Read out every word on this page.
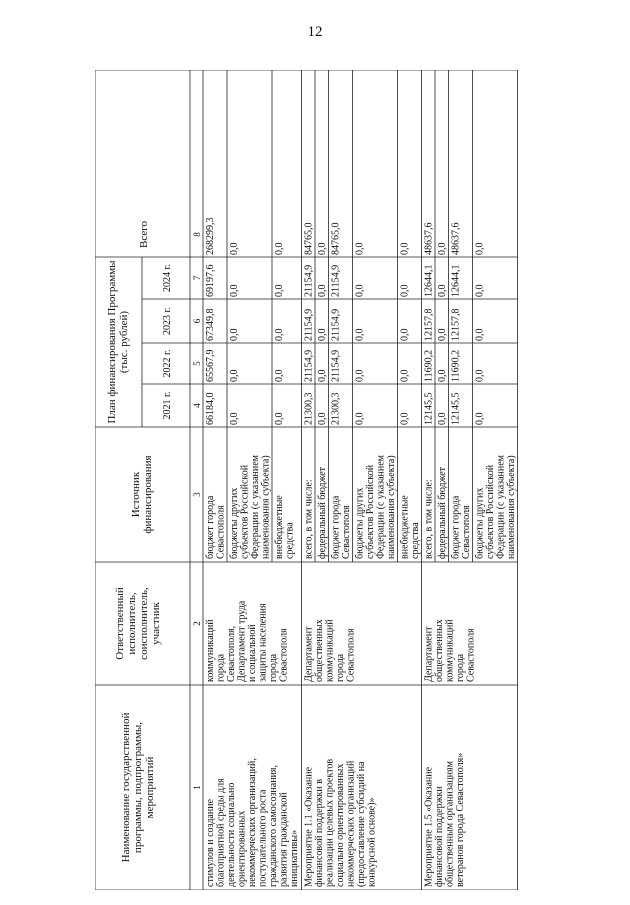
12
Наименование государственной программы, подпрограммы, мероприятий
Ответственный исполнитель, соисполнитель, участник
Источник финансирования
План финансирования Программы (тыс. рублей)
2021 г.
2022 г.
2023 г.
2024 г.
Всего
1
2
3
4
5
6
7
8
стимулов и создание благоприятной среды для деятельности социально ориентированных некоммерческих организаций, поступательного роста гражданского самосознания, развития гражданской инициативы»
коммуникаций города Севастополя, Департамент труда и социальной защиты населения города Севастополя
бюджет города Севастополя
66184,0
65567,9
67349,8
69197,6
268299,3
бюджеты других субъектов Российской Федерации (с указанием наименования субъекта)
0,0
0,0
0,0
0,0
0,0
внебюджетные средства
0,0
0,0
0,0
0,0
0,0
Мероприятие 1.1 «Оказание финансовой поддержки в реализации целевых проектов социально ориентированных некоммерческих организаций (предоставление субсидий на конкурсной основе)»
Департамент общественных коммуникаций города Севастополя
всего, в том числе:
21300,3
21154,9
21154,9
21154,9
84765,0
федеральный бюджет
0,0
0,0
0,0
0,0
0,0
бюджет города Севастополя
21300,3
21154,9
21154,9
21154,9
84765,0
бюджеты других субъектов Российской Федерации (с указанием наименования субъекта)
0,0
0,0
0,0
0,0
0,0
внебюджетные средства
0,0
0,0
0,0
0,0
0,0
Мероприятие 1.5 «Оказание финансовой поддержки общественным организациям ветеранов города Севастополя»
Департамент общественных коммуникаций города Севастополя
всего, в том числе:
12145,5
11690,2
12157,8
12644,1
48637,6
федеральный бюджет
0,0
0,0
0,0
0,0
0,0
бюджет города Севастополя
12145,5
11690,2
12157,8
12644,1
48637,6
бюджеты других субъектов Российской Федерации (с указанием наименования субъекта)
0,0
0,0
0,0
0,0
0,0
